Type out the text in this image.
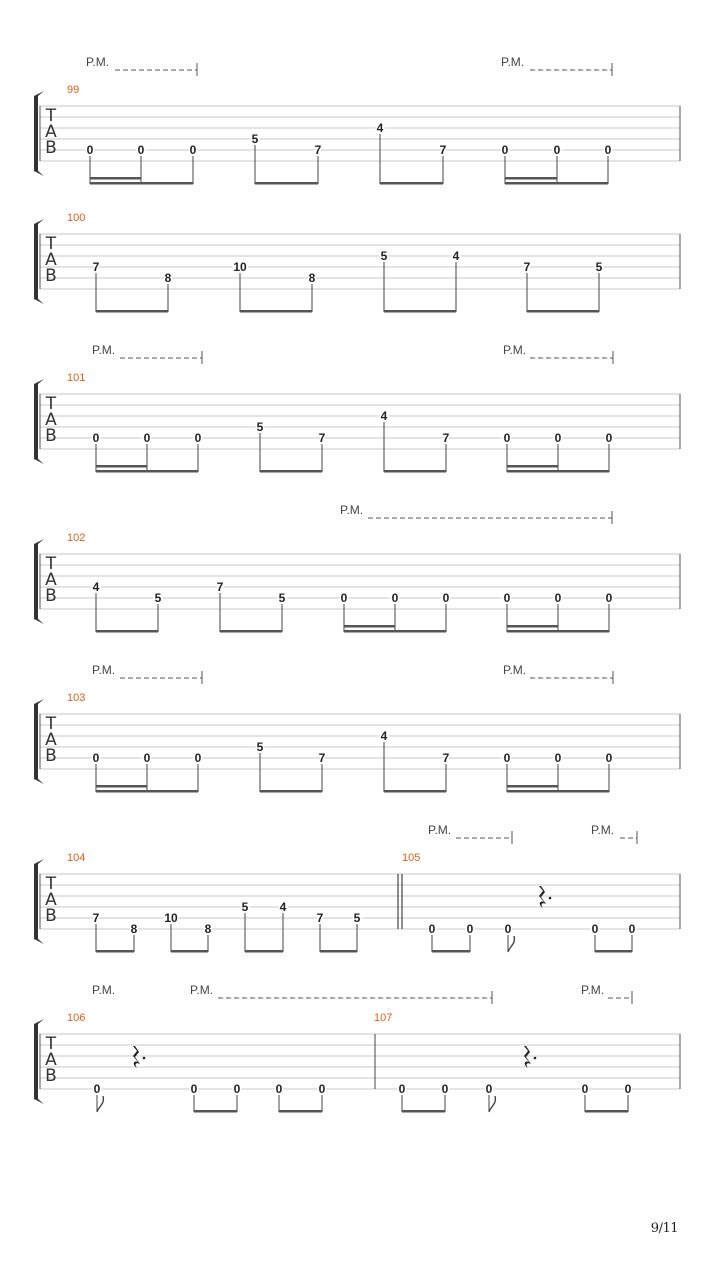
T
A
B
P.M.	P.M.
99
0	0	0
5
7
4
7	0	0	0
T
A
B
100
7
8
10
8
5	4
7	5
T
A
B
P.M.	P.M.
101
0	0	0
5
7
4
7	0	0	0
T
A
B
P.M.
102
4
5
7
5	0	0	0	0	0	0
T
A
B
P.M.	P.M.
103
0	0	0
5
7
4
7	0	0	0
T
A
B
P.M.	P.M.
104
7
8
10
8
5	4
7	5
105
0	0	0	0	0
T
A
B
P.M.	P.M.	P.M.
106
0	0	0	0	0
107
0	0	0	0	0
9/11
